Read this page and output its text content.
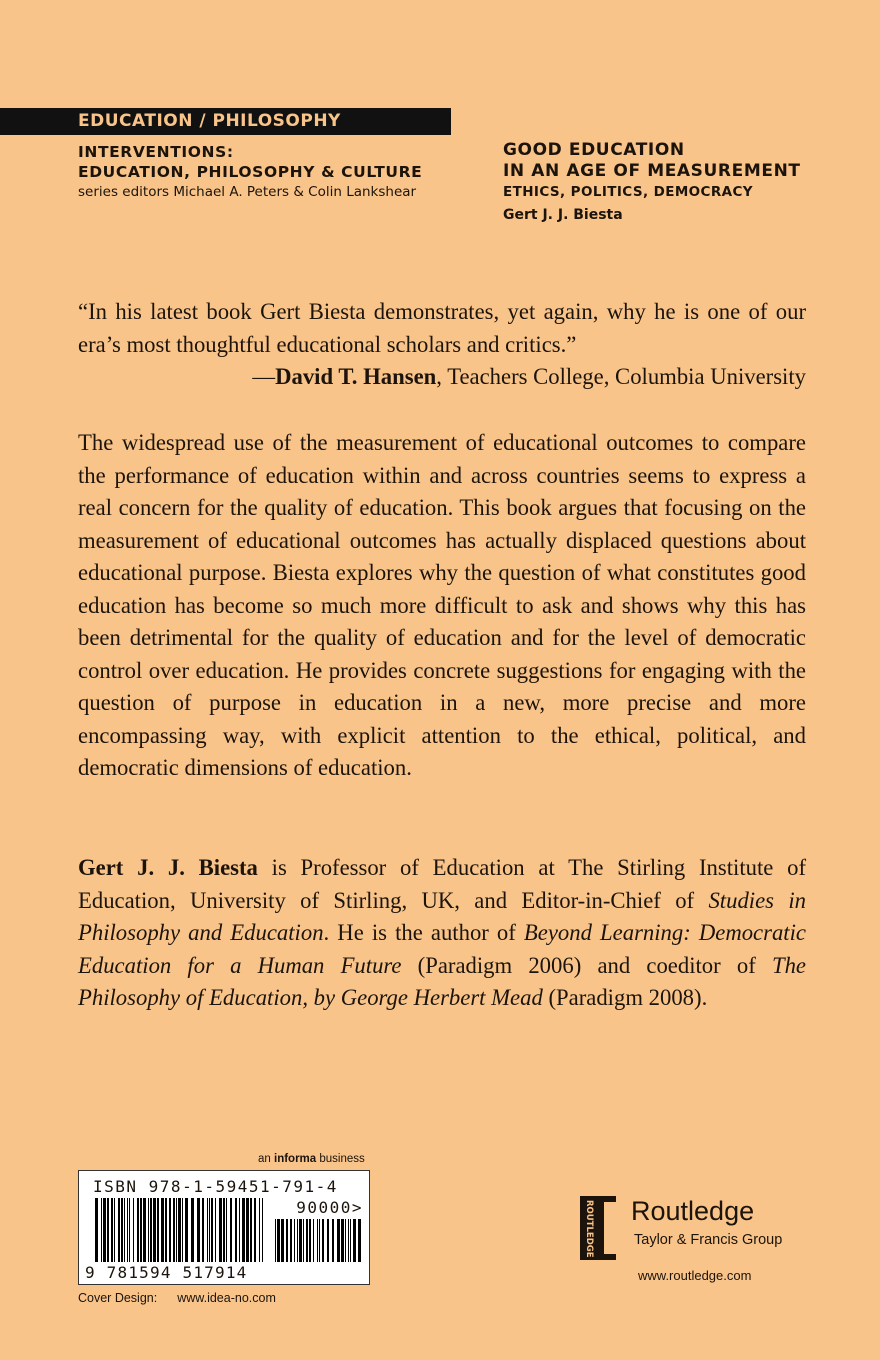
EDUCATION / PHILOSOPHY
INTERVENTIONS:
EDUCATION, PHILOSOPHY & CULTURE
series editors Michael A. Peters & Colin Lankshear
GOOD EDUCATION
IN AN AGE OF MEASUREMENT
ETHICS, POLITICS, DEMOCRACY
Gert J. J. Biesta
“In his latest book Gert Biesta demonstrates, yet again, why he is one of our era’s most thoughtful educational scholars and critics.”
—David T. Hansen, Teachers College, Columbia University
The widespread use of the measurement of educational outcomes to compare the performance of education within and across countries seems to express a real concern for the quality of education. This book argues that focusing on the measurement of educational outcomes has actually displaced questions about educational purpose. Biesta explores why the question of what constitutes good education has become so much more difficult to ask and shows why this has been detrimental for the quality of education and for the level of democratic control over education. He provides concrete suggestions for engaging with the question of purpose in education in a new, more precise and more encompassing way, with explicit attention to the ethical, political, and democratic dimensions of education.
Gert J. J. Biesta is Professor of Education at The Stirling Institute of Education, University of Stirling, UK, and Editor-in-Chief of Studies in Philosophy and Education. He is the author of Beyond Learning: Democratic Education for a Human Future (Paradigm 2006) and coeditor of The Philosophy of Education, by George Herbert Mead (Paradigm 2008).
an informa business
ISBN 978-1-59451-791-4
90000>
9 781594 517914
Cover Design: www.idea-no.com
ROUTLEDGE Routledge
Taylor & Francis Group
www.routledge.com
